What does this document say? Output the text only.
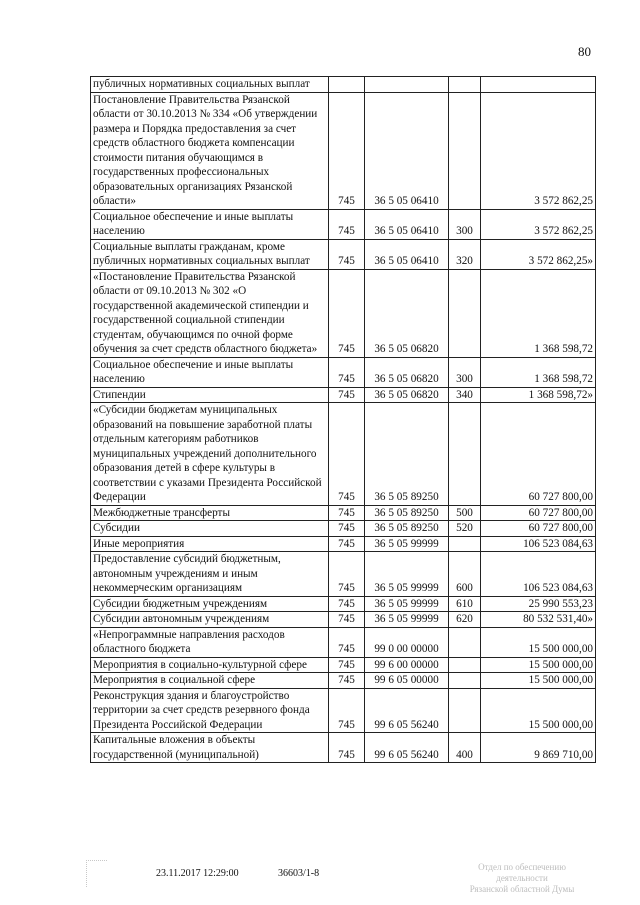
80
публичных нормативных социальных выплат				
Постановление Правительства Рязанской области от 30.10.2013 № 334 «Об утверждении размера и Порядка предоставления за счет средств областного бюджета компенсации стоимости питания обучающимся в государственных профессиональных образовательных организациях Рязанской области»	745	36 5 05 06410		3 572 862,25
Социальное обеспечение и иные выплаты населению	745	36 5 05 06410	300	3 572 862,25
Социальные выплаты гражданам, кроме публичных нормативных социальных выплат	745	36 5 05 06410	320	3 572 862,25»
«Постановление Правительства Рязанской области от 09.10.2013 № 302 «О государственной академической стипендии и государственной социальной стипендии студентам, обучающимся по очной форме обучения за счет средств областного бюджета»	745	36 5 05 06820		1 368 598,72
Социальное обеспечение и иные выплаты населению	745	36 5 05 06820	300	1 368 598,72
Стипендии	745	36 5 05 06820	340	1 368 598,72»
«Субсидии бюджетам муниципальных образований на повышение заработной платы отдельным категориям работников муниципальных учреждений дополнительного образования детей в сфере культуры в соответствии с указами Президента Российской Федерации	745	36 5 05 89250		60 727 800,00
Межбюджетные трансферты	745	36 5 05 89250	500	60 727 800,00
Субсидии	745	36 5 05 89250	520	60 727 800,00
Иные мероприятия	745	36 5 05 99999		106 523 084,63
Предоставление субсидий бюджетным, автономным учреждениям и иным некоммерческим организациям	745	36 5 05 99999	600	106 523 084,63
Субсидии бюджетным учреждениям	745	36 5 05 99999	610	25 990 553,23
Субсидии автономным учреждениям	745	36 5 05 99999	620	80 532 531,40»
«Непрограммные направления расходов областного бюджета	745	99 0 00 00000		15 500 000,00
Мероприятия в социально-культурной сфере	745	99 6 00 00000		15 500 000,00
Мероприятия в социальной сфере	745	99 6 05 00000		15 500 000,00
Реконструкция здания и благоустройство территории за счет средств резервного фонда Президента Российской Федерации	745	99 6 05 56240		15 500 000,00
Капитальные вложения в объекты государственной (муниципальной)	745	99 6 05 56240	400	9 869 710,00
23.11.2017 12:29:00	36603/1-8
Отдел по обеспечению деятельности
Рязанской областной Думы
